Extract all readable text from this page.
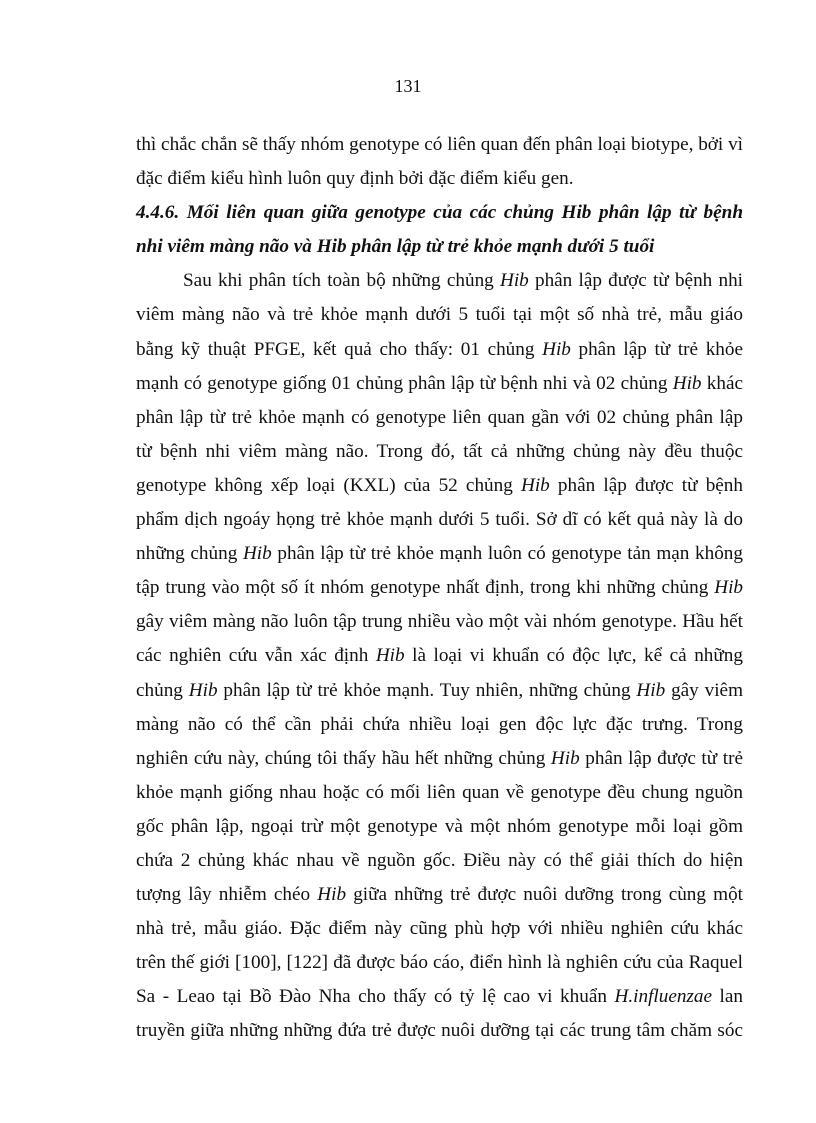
131

thì chắc chắn sẽ thấy nhóm genotype có liên quan đến phân loại biotype, bởi vì
đặc điểm kiểu hình luôn quy định bởi đặc điểm kiểu gen.

4.4.6. Mối liên quan giữa genotype của các chủng Hib phân lập từ bệnh
nhi viêm màng não và Hib phân lập từ trẻ khỏe mạnh dưới 5 tuổi

Sau khi phân tích toàn bộ những chủng Hib phân lập được từ bệnh nhi
viêm màng não và trẻ khỏe mạnh dưới 5 tuổi tại một số nhà trẻ, mẫu giáo
bằng kỹ thuật PFGE, kết quả cho thấy: 01 chủng Hib phân lập từ trẻ khỏe
mạnh có genotype giống 01 chủng phân lập từ bệnh nhi và 02 chủng Hib khác
phân lập từ trẻ khỏe mạnh có genotype liên quan gần với 02 chủng phân lập
từ bệnh nhi viêm màng não. Trong đó, tất cả những chủng này đều thuộc
genotype không xếp loại (KXL) của 52 chủng Hib phân lập được từ bệnh
phẩm dịch ngoáy họng trẻ khỏe mạnh dưới 5 tuổi. Sở dĩ có kết quả này là do
những chủng Hib phân lập từ trẻ khỏe mạnh luôn có genotype tản mạn không
tập trung vào một số ít nhóm genotype nhất định, trong khi những chủng Hib
gây viêm màng não luôn tập trung nhiều vào một vài nhóm genotype. Hầu hết
các nghiên cứu vẫn xác định Hib là loại vi khuẩn có độc lực, kể cả những
chủng Hib phân lập từ trẻ khỏe mạnh. Tuy nhiên, những chủng Hib gây viêm
màng não có thể cần phải chứa nhiều loại gen độc lực đặc trưng. Trong
nghiên cứu này, chúng tôi thấy hầu hết những chủng Hib phân lập được từ trẻ
khỏe mạnh giống nhau hoặc có mối liên quan về genotype đều chung nguồn
gốc phân lập, ngoại trừ một genotype và một nhóm genotype mỗi loại gồm
chứa 2 chủng khác nhau về nguồn gốc. Điều này có thể giải thích do hiện
tượng lây nhiễm chéo Hib giữa những trẻ được nuôi dưỡng trong cùng một
nhà trẻ, mẫu giáo. Đặc điểm này cũng phù hợp với nhiều nghiên cứu khác
trên thế giới [100], [122] đã được báo cáo, điển hình là nghiên cứu của Raquel
Sa - Leao tại Bồ Đào Nha cho thấy có tỷ lệ cao vi khuẩn H.influenzae lan
truyền giữa những những đứa trẻ được nuôi dưỡng tại các trung tâm chăm sóc
